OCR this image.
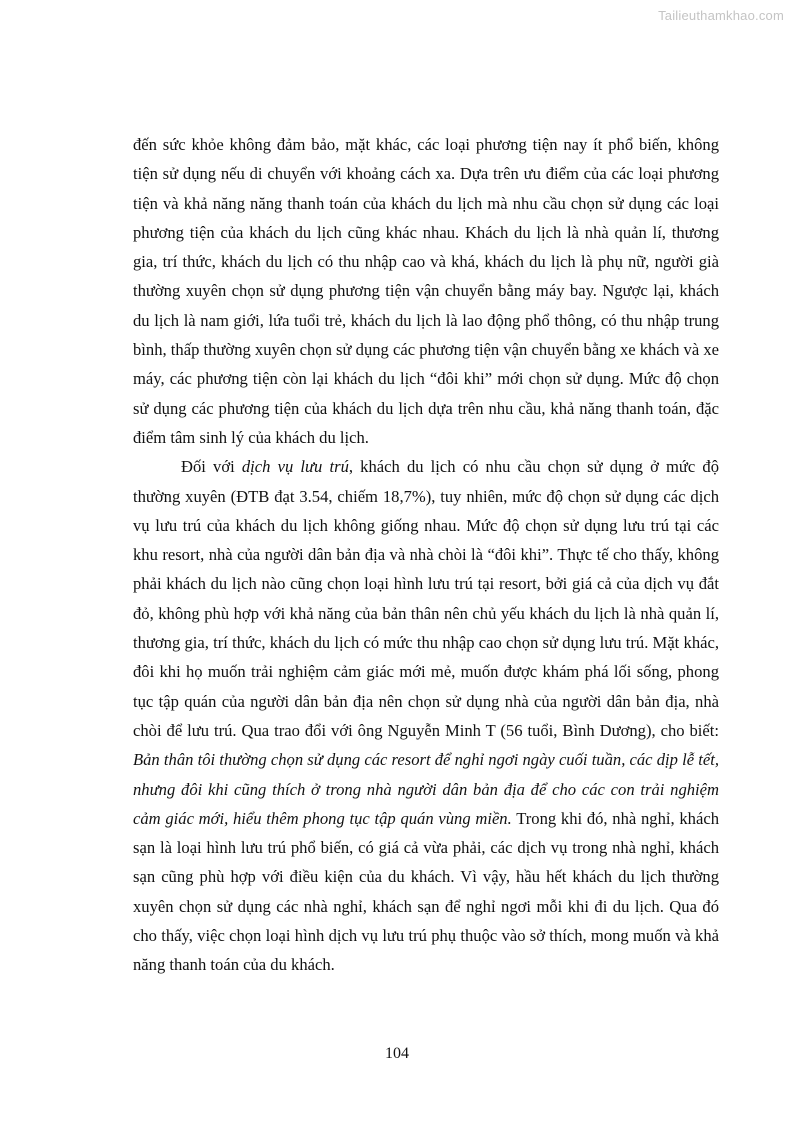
Tailieuthamkhao.com

đến sức khỏe không đảm bảo, mặt khác, các loại phương tiện nay ít phổ biến, không tiện sử dụng nếu di chuyển với khoảng cách xa. Dựa trên ưu điểm của các loại phương tiện và khả năng năng thanh toán của khách du lịch mà nhu cầu chọn sử dụng các loại phương tiện của khách du lịch cũng khác nhau. Khách du lịch là nhà quản lí, thương gia, trí thức, khách du lịch có thu nhập cao và khá, khách du lịch là phụ nữ, người già thường xuyên chọn sử dụng phương tiện vận chuyển bằng máy bay. Ngược lại, khách du lịch là nam giới, lứa tuổi trẻ, khách du lịch là lao động phổ thông, có thu nhập trung bình, thấp thường xuyên chọn sử dụng các phương tiện vận chuyển bằng xe khách và xe máy, các phương tiện còn lại khách du lịch “đôi khi” mới chọn sử dụng. Mức độ chọn sử dụng các phương tiện của khách du lịch dựa trên nhu cầu, khả năng thanh toán, đặc điểm tâm sinh lý của khách du lịch.

Đối với dịch vụ lưu trú, khách du lịch có nhu cầu chọn sử dụng ở mức độ thường xuyên (ĐTB đạt 3.54, chiếm 18,7%), tuy nhiên, mức độ chọn sử dụng các dịch vụ lưu trú của khách du lịch không giống nhau. Mức độ chọn sử dụng lưu trú tại các khu resort, nhà của người dân bản địa và nhà chòi là “đôi khi”. Thực tế cho thấy, không phải khách du lịch nào cũng chọn loại hình lưu trú tại resort, bởi giá cả của dịch vụ đắt đỏ, không phù hợp với khả năng của bản thân nên chủ yếu khách du lịch là nhà quản lí, thương gia, trí thức, khách du lịch có mức thu nhập cao chọn sử dụng lưu trú. Mặt khác, đôi khi họ muốn trải nghiệm cảm giác mới mẻ, muốn được khám phá lối sống, phong tục tập quán của người dân bản địa nên chọn sử dụng nhà của người dân bản địa, nhà chòi để lưu trú. Qua trao đổi với ông Nguyễn Minh T (56 tuổi, Bình Dương), cho biết: Bản thân tôi thường chọn sử dụng các resort để nghỉ ngơi ngày cuối tuần, các dịp lễ tết, nhưng đôi khi cũng thích ở trong nhà người dân bản địa để cho các con trải nghiệm cảm giác mới, hiểu thêm phong tục tập quán vùng miền. Trong khi đó, nhà nghỉ, khách sạn là loại hình lưu trú phổ biến, có giá cả vừa phải, các dịch vụ trong nhà nghỉ, khách sạn cũng phù hợp với điều kiện của du khách. Vì vậy, hầu hết khách du lịch thường xuyên chọn sử dụng các nhà nghỉ, khách sạn để nghỉ ngơi mỗi khi đi du lịch. Qua đó cho thấy, việc chọn loại hình dịch vụ lưu trú phụ thuộc vào sở thích, mong muốn và khả năng thanh toán của du khách.

104
